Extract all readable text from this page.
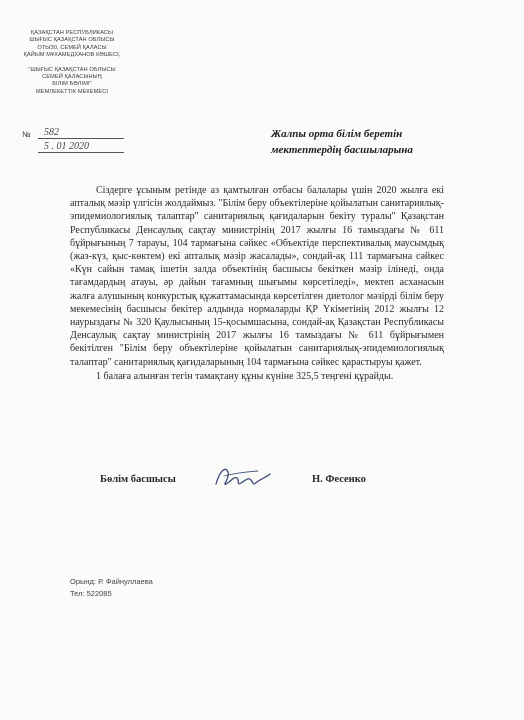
ҚАЗАҚСТАН РЕСПУБЛИКАСЫ
ШЫҒЫС ҚАЗАҚСТАН ОБЛЫСЫ
ОТЫЗ0, СЕМЕЙ ҚАЛАСЫ
ҚАЙЫМ МҰХАМЕДХАНОВ КӨШЕСІ,
"ШЫҒЫС ҚАЗАҚСТАН ОБЛЫСЫ
СЕМЕЙ ҚАЛАСЫНЫҢ
БІЛІМ БӨЛІМІ"
МЕМЛЕКЕТТІК МЕКЕМЕСІ
№	582
5 . 01 2020
Жалпы орта білім беретін
мектептердің басшыларына

Сіздерге ұсыным ретінде аз қамтылған отбасы балалары үшін 2020 жылға екі апталық мәзір үлгісін жолдаймыз. "Білім беру объектілеріне қойылатын санитариялық-эпидемиологиялық талаптар" санитариялық қағидаларын бекіту туралы" Қазақстан Республикасы Денсаулық сақтау министрінің 2017 жылғы 16 тамыздағы № 611 бұйрығының 7 тарауы, 104 тармағына сәйкес «Объектіде перспективалық маусымдық (жаз-күз, қыс-көктем) екі апталық мәзір жасалады», сондай-ақ 111 тармағына сәйкес «Күн сайын тамақ ішетін залда объектінің басшысы бекіткен мәзір ілінеді, онда тағамдардың атауы, әр дайын тағамның шығымы көрсетіледі», мектеп асханасын жалға алушының конкурстық құжаттамасында көрсетілген диетолог мәзірді білім беру мекемесінің басшысы бекітер алдында нормаларды ҚР Үкіметінің 2012 жылғы 12 наурыздағы № 320 Қаулысының 15-қосымшасына, сондай-ақ Қазақстан Республикасы Денсаулық сақтау министрінің 2017 жылғы 16 тамыздағы № 611 бұйрығымен бекітілген "Білім беру объектілеріне қойылатын санитариялық-эпидемиологиялық талаптар" санитариялық қағидаларының 104 тармағына сәйкес қарастыруы қажет.

1 балаға алынған тегін тамақтану құны күніне 325,5 теңгені құрайды.

Бөлім басшысы	Н. Фесенко
Орынд: Р. Файнуллаева
Тел: 522085
